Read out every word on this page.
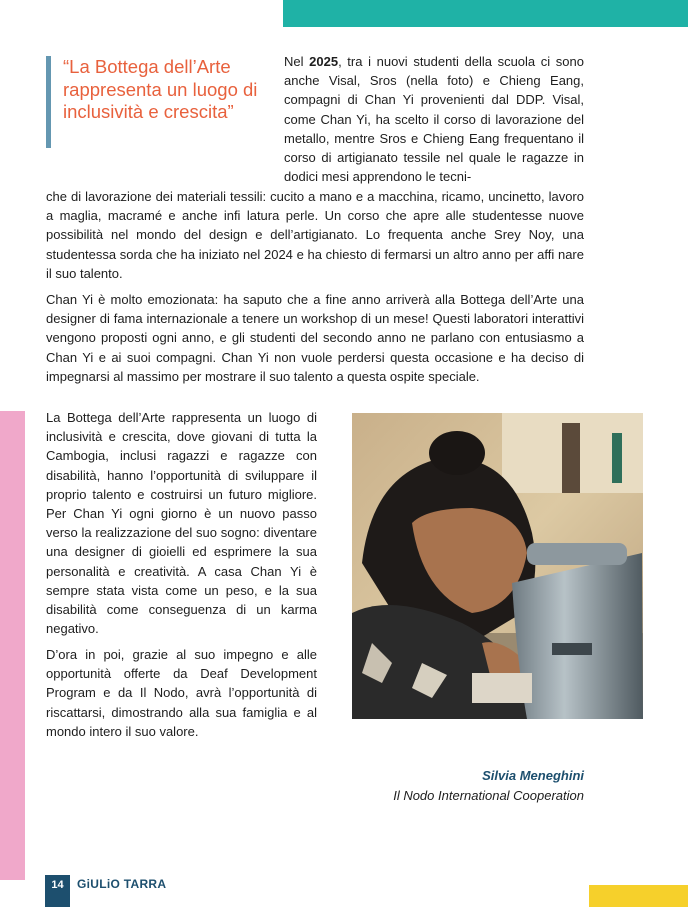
“La Bottega dell’Arte rappresenta un luogo di inclusività e crescita”

Nel 2025, tra i nuovi studenti della scuola ci sono anche Visal, Sros (nella foto) e Chieng Eang, compagni di Chan Yi provenienti dal DDP. Visal, come Chan Yi, ha scelto il corso di lavorazione del metallo, mentre Sros e Chieng Eang frequentano il corso di artigianato tessile nel quale le ragazze in dodici mesi apprendono le tecni-

che di lavorazione dei materiali tessili: cucito a mano e a macchina, ricamo, uncinetto, lavoro a maglia, macramé e anche infi latura perle. Un corso che apre alle studentesse nuove possibilità nel mondo del design e dell’artigianato. Lo frequenta anche Srey Noy, una studentessa sorda che ha iniziato nel 2024 e ha chiesto di fermarsi un altro anno per affi nare il suo talento.

Chan Yi è molto emozionata: ha saputo che a fine anno arriverà alla Bottega dell’Arte una designer di fama internazionale a tenere un workshop di un mese! Questi laboratori interattivi vengono proposti ogni anno, e gli studenti del secondo anno ne parlano con entusiasmo a Chan Yi e ai suoi compagni. Chan Yi non vuole perdersi questa occasione e ha deciso di impegnarsi al massimo per mostrare il suo talento a questa ospite speciale.

La Bottega dell’Arte rappresenta un luogo di inclusività e crescita, dove giovani di tutta la Cambogia, inclusi ragazzi e ragazze con disabilità, hanno l’opportunità di sviluppare il proprio talento e costruirsi un futuro migliore. Per Chan Yi ogni giorno è un nuovo passo verso la realizzazione del suo sogno: diventare una designer di gioielli ed esprimere la sua personalità e creatività. A casa Chan Yi è sempre stata vista come un peso, e la sua disabilità come conseguenza di un karma negativo.

D’ora in poi, grazie al suo impegno e alle opportunità offerte da Deaf Development Program e da Il Nodo, avrà l’opportunità di riscattarsi, dimostrando alla sua famiglia e al mondo intero il suo valore.

Silvia Meneghini
Il Nodo International Cooperation
14	GiULiO TARRA
